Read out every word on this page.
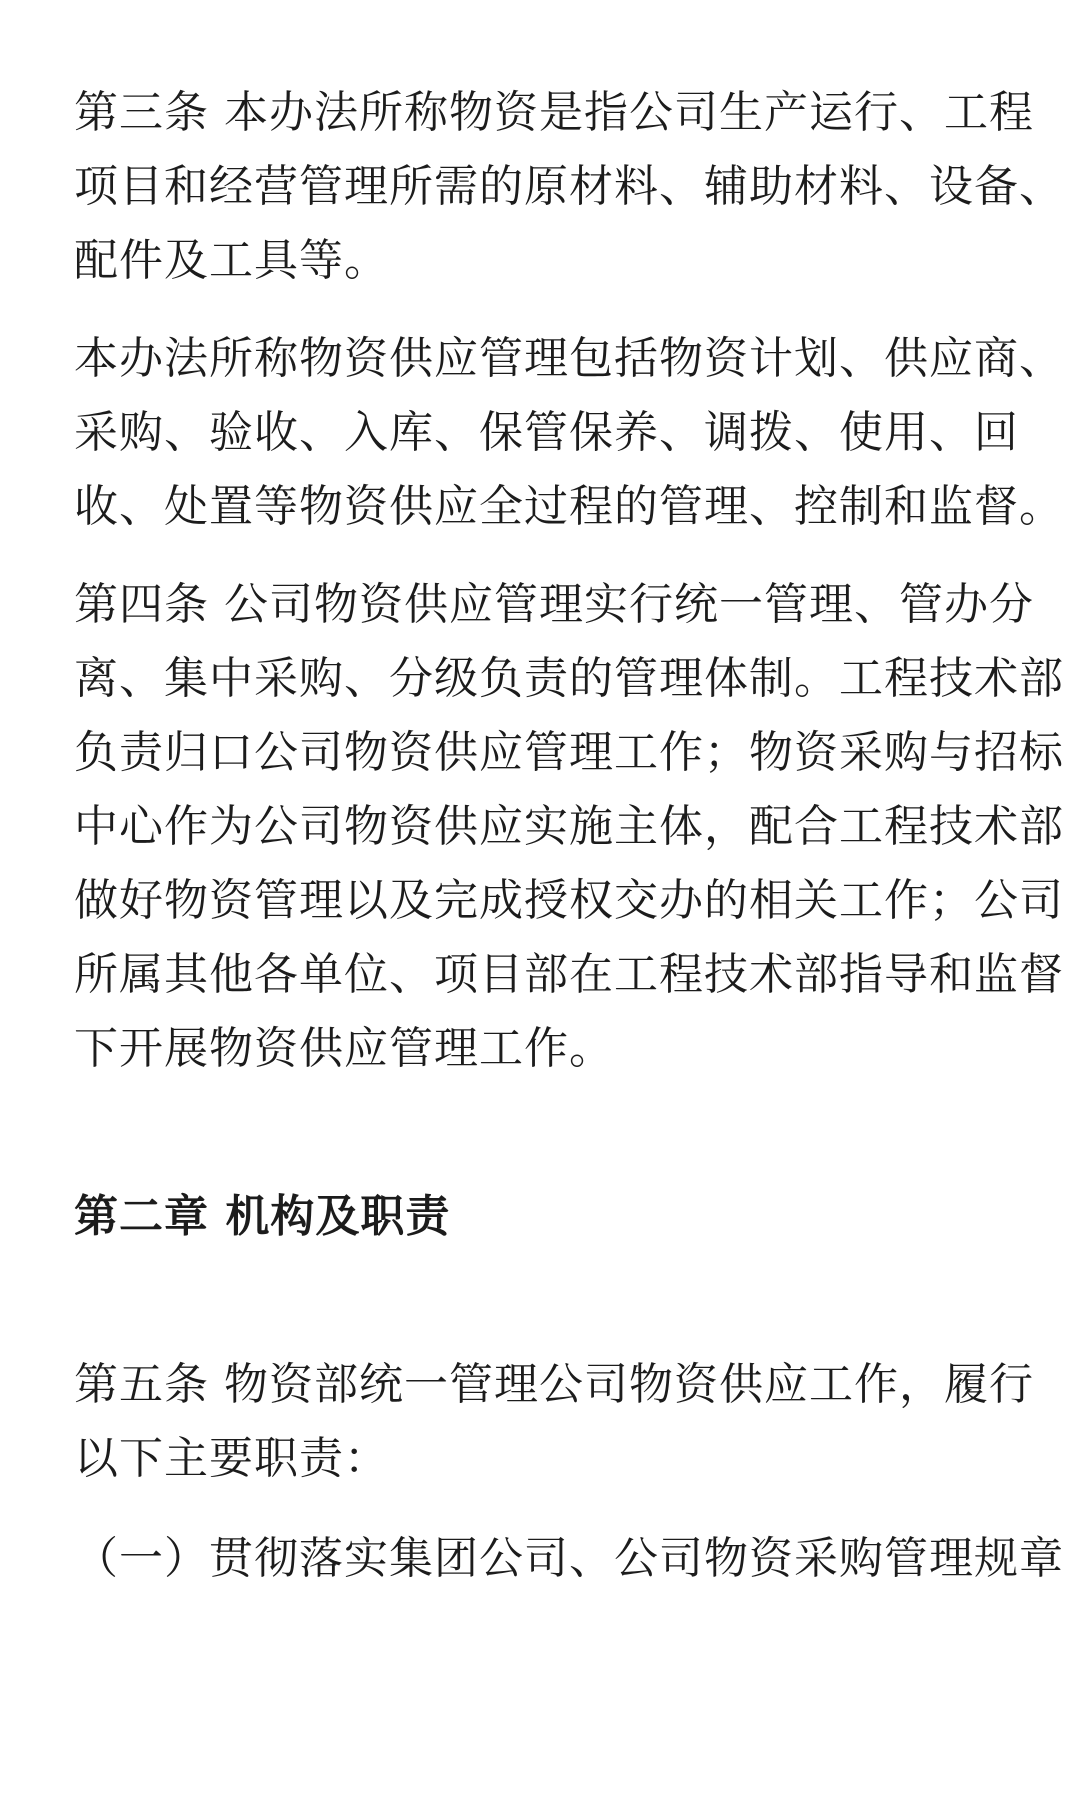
第三条 本办法所称物资是指公司生产运行、工程
项目和经营管理所需的原材料、辅助材料、设备、
配件及工具等。

本办法所称物资供应管理包括物资计划、供应商、
采购、验收、入库、保管保养、调拨、使用、回
收、处置等物资供应全过程的管理、控制和监督。

第四条 公司物资供应管理实行统一管理、管办分
离、集中采购、分级负责的管理体制。工程技术部
负责归口公司物资供应管理工作；物资采购与招标
中心作为公司物资供应实施主体，配合工程技术部
做好物资管理以及完成授权交办的相关工作；公司
所属其他各单位、项目部在工程技术部指导和监督
下开展物资供应管理工作。

第二章 机构及职责

第五条 物资部统一管理公司物资供应工作，履行
以下主要职责：

（一）贯彻落实集团公司、公司物资采购管理规章
